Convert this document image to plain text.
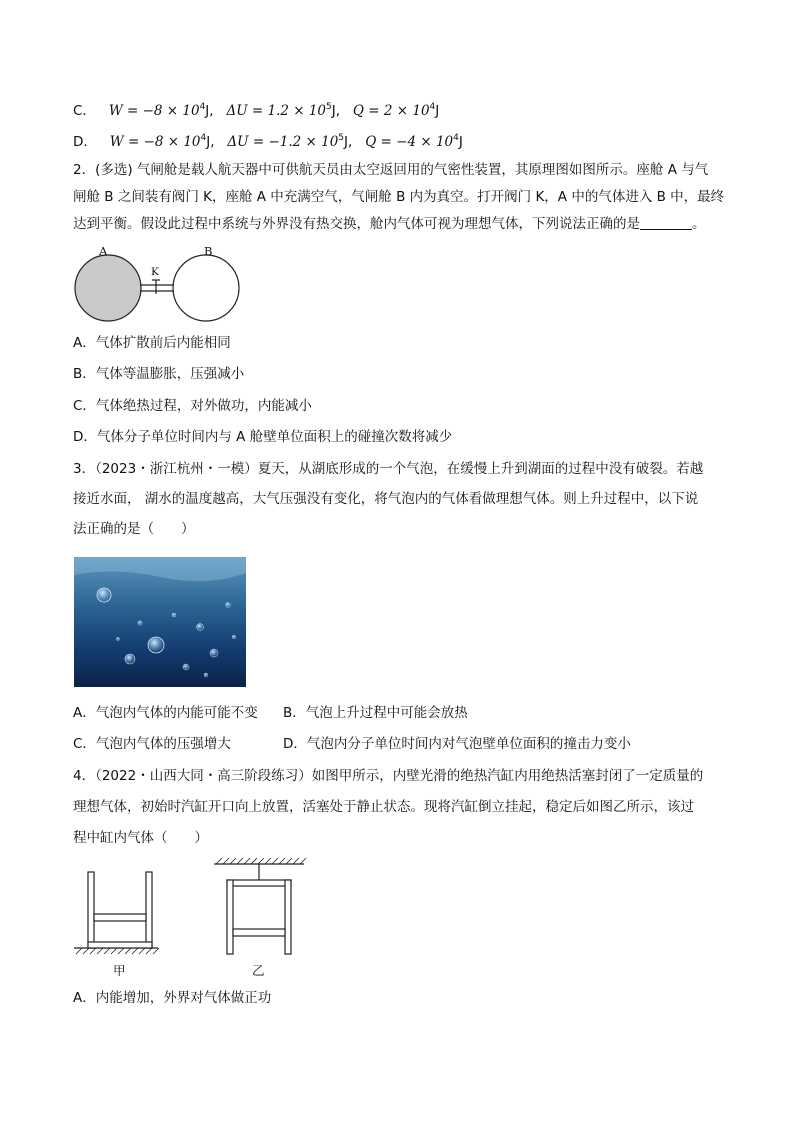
C． $W = -8 \times 10^4J$, $\Delta U = 1.2 \times 10^5J$, $Q = 2 \times 10^4J$
D． $W = -8 \times 10^4J$, $\Delta U = -1.2 \times 10^5J$, $Q = -4 \times 10^4J$
2．(多选) 气闸舱是载人航天器中可供航天员由太空返回用的气密性装置，其原理图如图所示。座舱 A 与气
闸舱 B 之间装有阀门 K，座舱 A 中充满空气，气闸舱 B 内为真空。打开阀门 K，A 中的气体进入 B 中，最终
达到平衡。假设此过程中系统与外界没有热交换，舱内气体可视为理想气体，下列说法正确的是	。
A	B
K
A．气体扩散前后内能相同
B．气体等温膨胀，压强减小
C．气体绝热过程，对外做功，内能减小
D．气体分子单位时间内与 A 舱壁单位面积上的碰撞次数将减少
3．（2023・浙江杭州・一模）夏天，从湖底形成的一个气泡，在缓慢上升到湖面的过程中没有破裂。若越
接近水面， 湖水的温度越高，大气压强没有变化，将气泡内的气体看做理想气体。则上升过程中，以下说
法正确的是（　　）
A．气泡内气体的内能可能不变 B．气泡上升过程中可能会放热
C．气泡内气体的压强增大	D．气泡内分子单位时间内对气泡壁单位面积的撞击力变小
4．（2022・山西大同・高三阶段练习）如图甲所示，内壁光滑的绝热汽缸内用绝热活塞封闭了一定质量的
理想气体，初始时汽缸开口向上放置，活塞处于静止状态。现将汽缸倒立挂起，稳定后如图乙所示，该过
程中缸内气体（　　）
甲	乙
A．内能增加，外界对气体做正功
